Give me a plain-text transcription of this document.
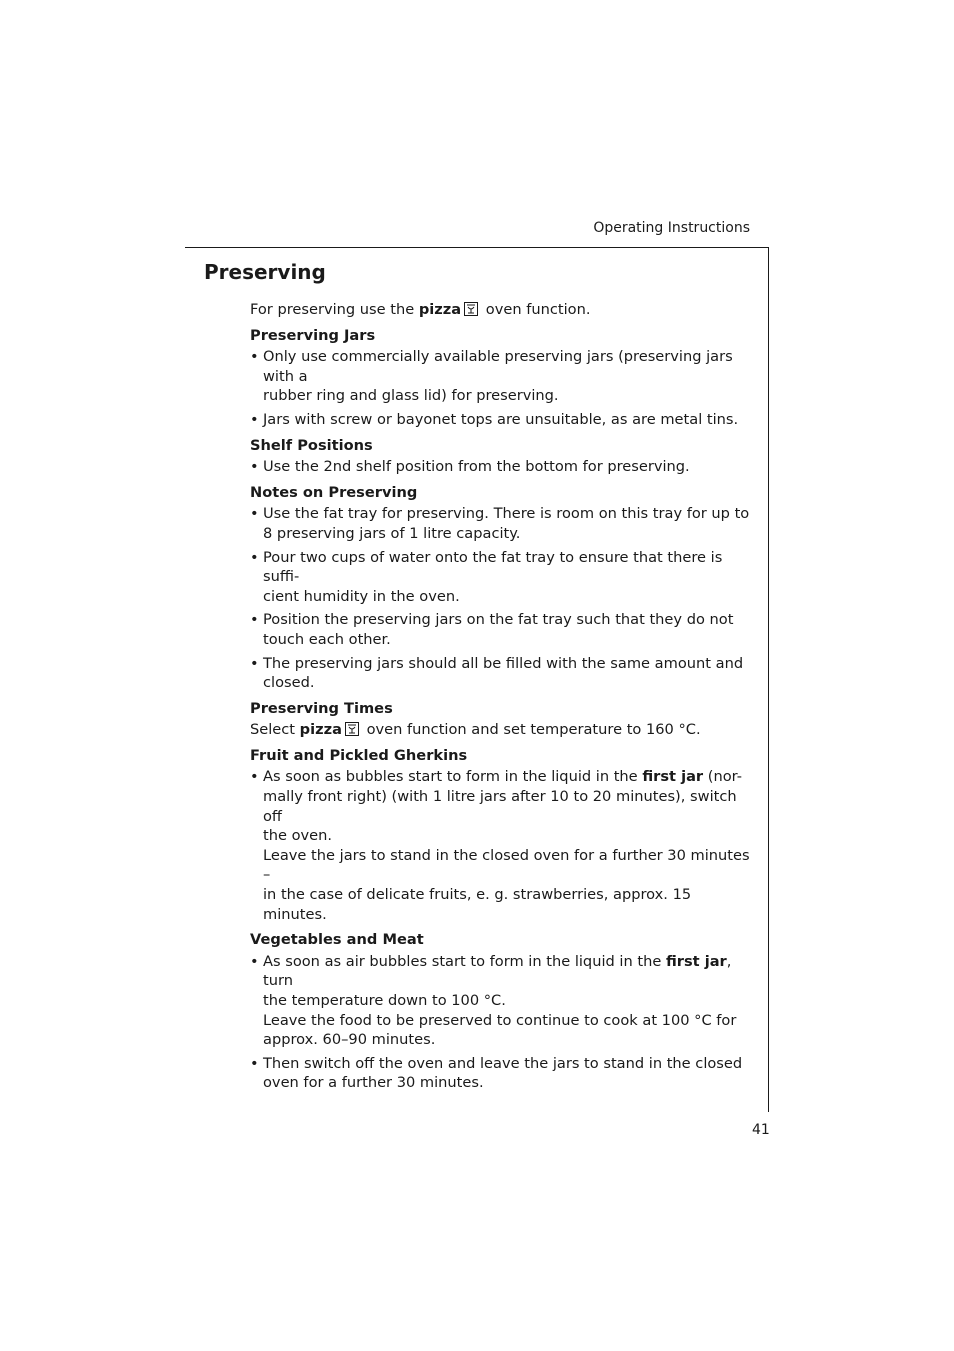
Operating Instructions
Preserving

For preserving use the pizza oven function.

Preserving Jars
• Only use commercially available preserving jars (preserving jars with a
rubber ring and glass lid) for preserving.
• Jars with screw or bayonet tops are unsuitable, as are metal tins.
Shelf Positions
• Use the 2nd shelf position from the bottom for preserving.
Notes on Preserving
• Use the fat tray for preserving. There is room on this tray for up to
8 preserving jars of 1 litre capacity.
• Pour two cups of water onto the fat tray to ensure that there is suffi-
cient humidity in the oven.
• Position the preserving jars on the fat tray such that they do not
touch each other.
• The preserving jars should all be filled with the same amount and
closed.
Preserving Times

Select pizza oven function and set temperature to 160 °C.

Fruit and Pickled Gherkins
• As soon as bubbles start to form in the liquid in the first jar (nor-
mally front right) (with 1 litre jars after 10 to 20 minutes), switch off
the oven.
Leave the jars to stand in the closed oven for a further 30 minutes –
in the case of delicate fruits, e. g. strawberries, approx. 15 minutes.
Vegetables and Meat
• As soon as air bubbles start to form in the liquid in the first jar, turn
the temperature down to 100 °C.
Leave the food to be preserved to continue to cook at 100 °C for
approx. 60–90 minutes.
• Then switch off the oven and leave the jars to stand in the closed
oven for a further 30 minutes.
41
